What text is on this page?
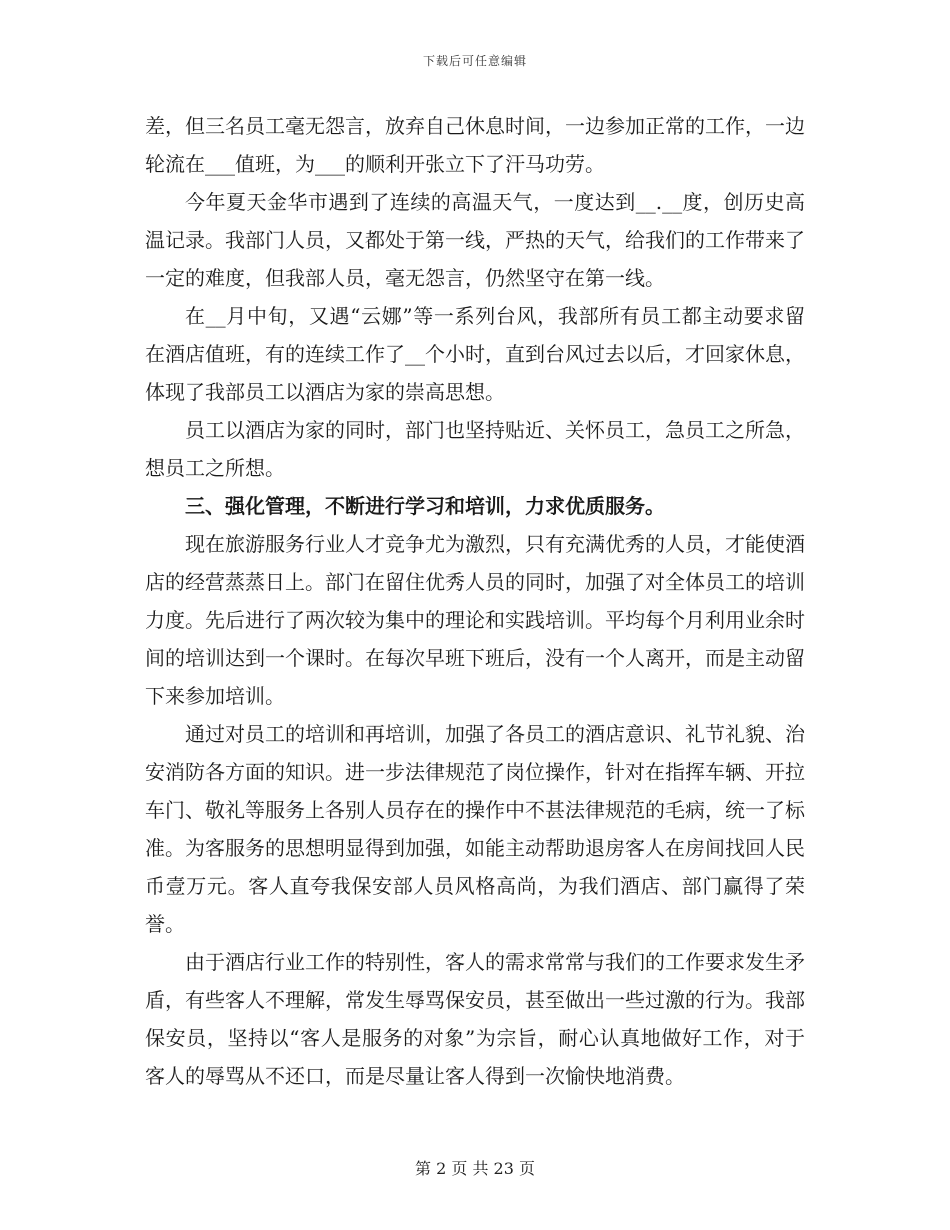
下载后可任意编辑

差，但三名员工毫无怨言，放弃自己休息时间，一边参加正常的工作，一边轮流在___值班，为___的顺利开张立下了汗马功劳。

今年夏天金华市遇到了连续的高温天气，一度达到__.__度，创历史高温记录。我部门人员，又都处于第一线，严热的天气，给我们的工作带来了一定的难度，但我部人员，毫无怨言，仍然坚守在第一线。

在__月中旬，又遇“云娜”等一系列台风，我部所有员工都主动要求留在酒店值班，有的连续工作了__个小时，直到台风过去以后，才回家休息，体现了我部员工以酒店为家的崇高思想。

员工以酒店为家的同时，部门也坚持贴近、关怀员工，急员工之所急，想员工之所想。

三、强化管理，不断进行学习和培训，力求优质服务。

现在旅游服务行业人才竞争尤为激烈，只有充满优秀的人员，才能使酒店的经营蒸蒸日上。部门在留住优秀人员的同时，加强了对全体员工的培训力度。先后进行了两次较为集中的理论和实践培训。平均每个月利用业余时间的培训达到一个课时。在每次早班下班后，没有一个人离开，而是主动留下来参加培训。

通过对员工的培训和再培训，加强了各员工的酒店意识、礼节礼貌、治安消防各方面的知识。进一步法律规范了岗位操作，针对在指挥车辆、开拉车门、敬礼等服务上各别人员存在的操作中不甚法律规范的毛病，统一了标准。为客服务的思想明显得到加强，如能主动帮助退房客人在房间找回人民币壹万元。客人直夸我保安部人员风格高尚，为我们酒店、部门赢得了荣誉。

由于酒店行业工作的特别性，客人的需求常常与我们的工作要求发生矛盾，有些客人不理解，常发生辱骂保安员，甚至做出一些过激的行为。我部保安员，坚持以“客人是服务的对象”为宗旨，耐心认真地做好工作，对于客人的辱骂从不还口，而是尽量让客人得到一次愉快地消费。

第 2 页 共 23 页
